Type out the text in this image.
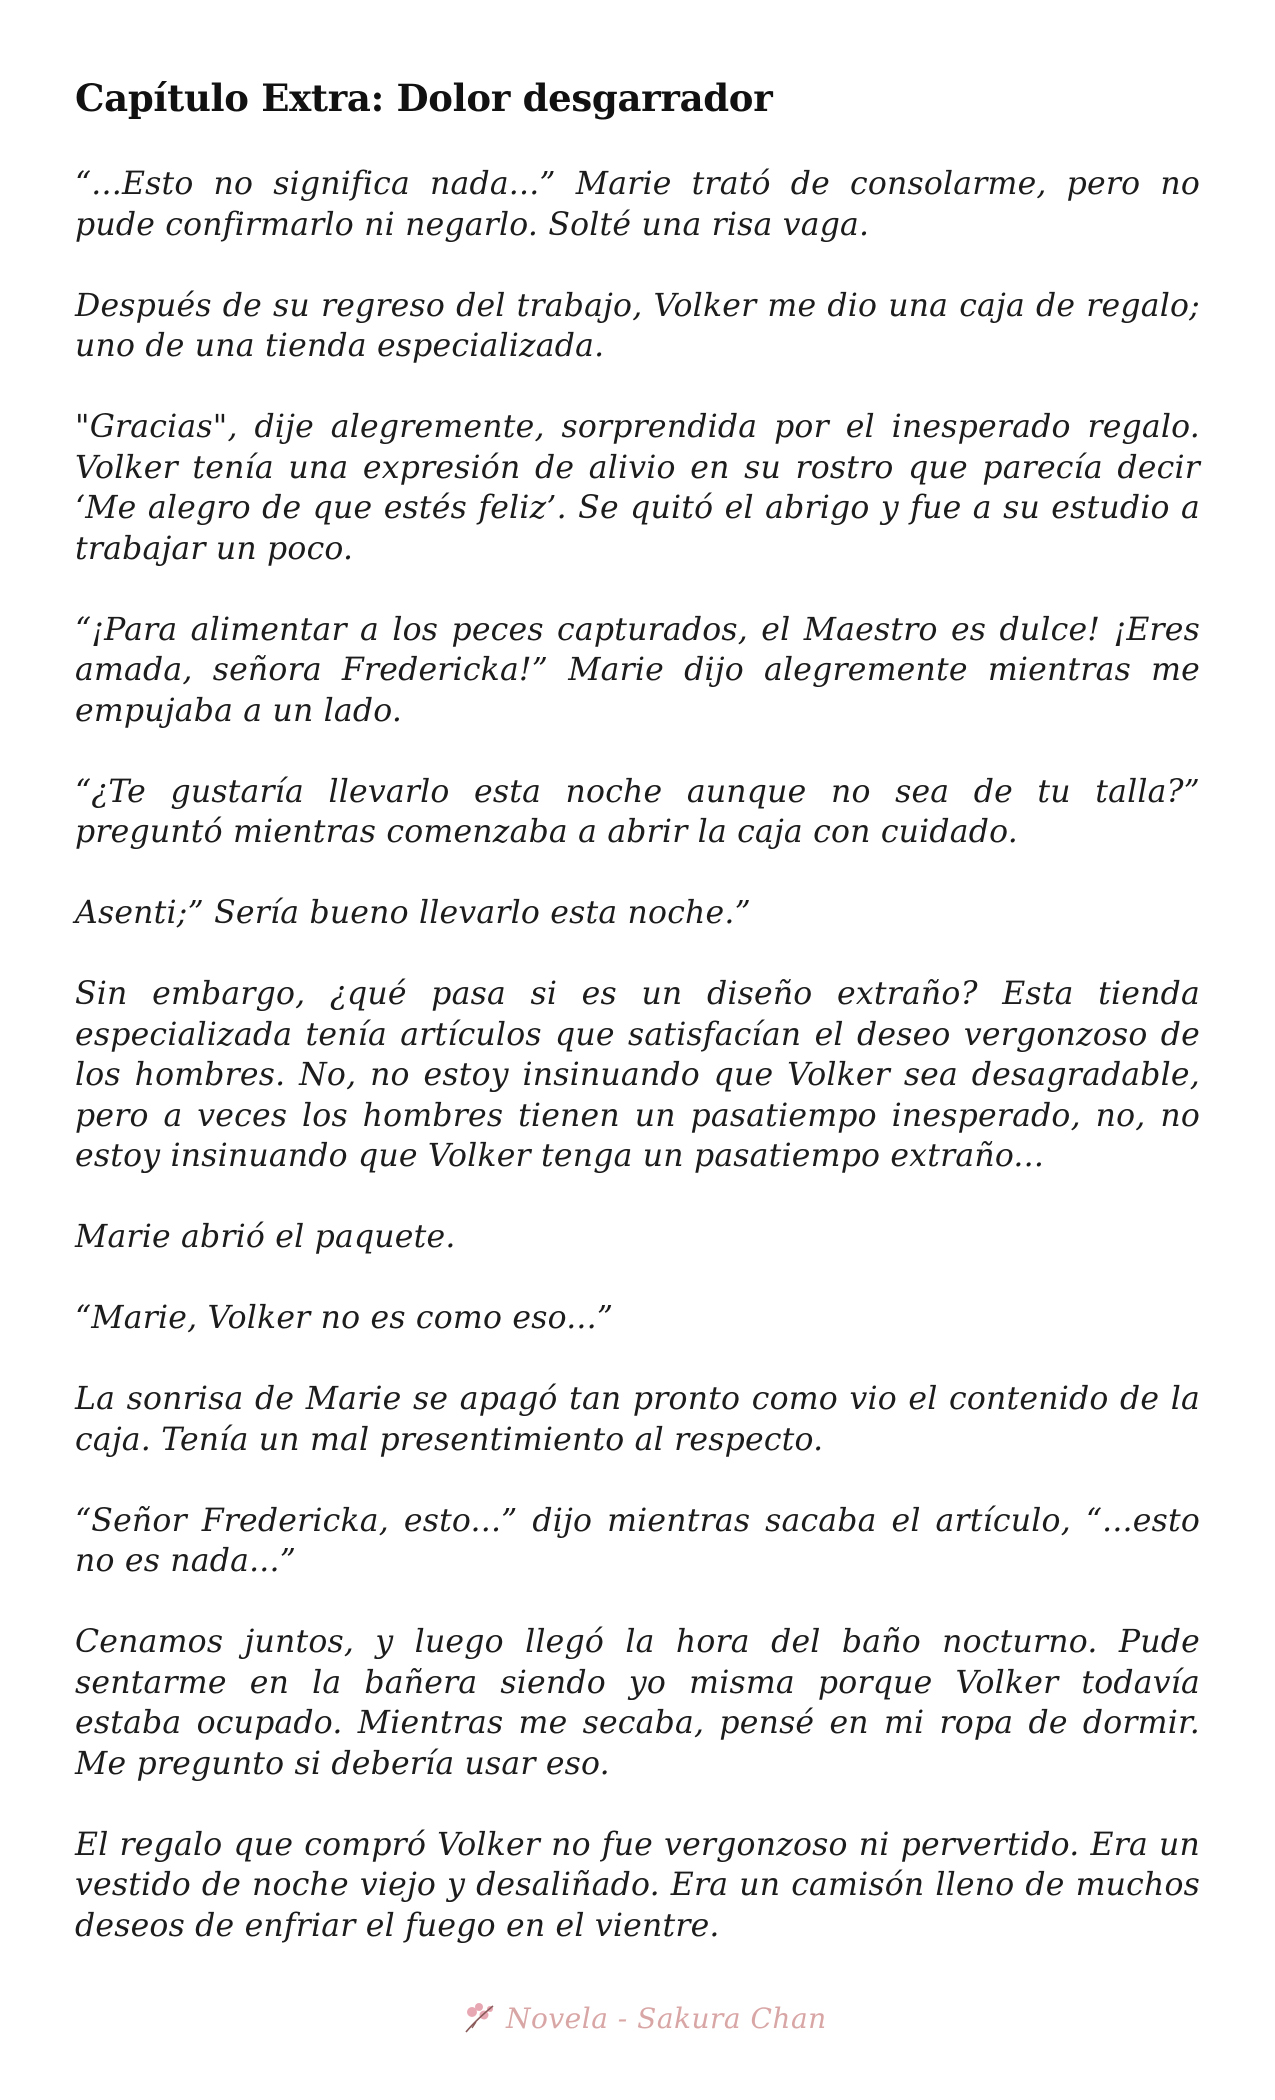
Capítulo Extra: Dolor desgarrador

“...Esto no significa nada...” Marie trató de consolarme, pero no pude confirmarlo ni negarlo. Solté una risa vaga.

Después de su regreso del trabajo, Volker me dio una caja de regalo; uno de una tienda especializada.

"Gracias", dije alegremente, sorprendida por el inesperado regalo. Volker tenía una expresión de alivio en su rostro que parecía decir ‘Me alegro de que estés feliz’. Se quitó el abrigo y fue a su estudio a trabajar un poco.

“¡Para alimentar a los peces capturados, el Maestro es dulce! ¡Eres amada, señora Fredericka!” Marie dijo alegremente mientras me empujaba a un lado.

“¿Te gustaría llevarlo esta noche aunque no sea de tu talla?” preguntó mientras comenzaba a abrir la caja con cuidado.

Asenti;” Sería bueno llevarlo esta noche.”

Sin embargo, ¿qué pasa si es un diseño extraño? Esta tienda especializada tenía artículos que satisfacían el deseo vergonzoso de los hombres. No, no estoy insinuando que Volker sea desagradable, pero a veces los hombres tienen un pasatiempo inesperado, no, no estoy insinuando que Volker tenga un pasatiempo extraño...

Marie abrió el paquete.

“Marie, Volker no es como eso...”

La sonrisa de Marie se apagó tan pronto como vio el contenido de la caja. Tenía un mal presentimiento al respecto.

“Señor Fredericka, esto...” dijo mientras sacaba el artículo, “...esto no es nada...”

Cenamos juntos, y luego llegó la hora del baño nocturno. Pude sentarme en la bañera siendo yo misma porque Volker todavía estaba ocupado. Mientras me secaba, pensé en mi ropa de dormir. Me pregunto si debería usar eso.

El regalo que compró Volker no fue vergonzoso ni pervertido. Era un vestido de noche viejo y desaliñado. Era un camisón lleno de muchos deseos de enfriar el fuego en el vientre.

Novela - Sakura Chan
